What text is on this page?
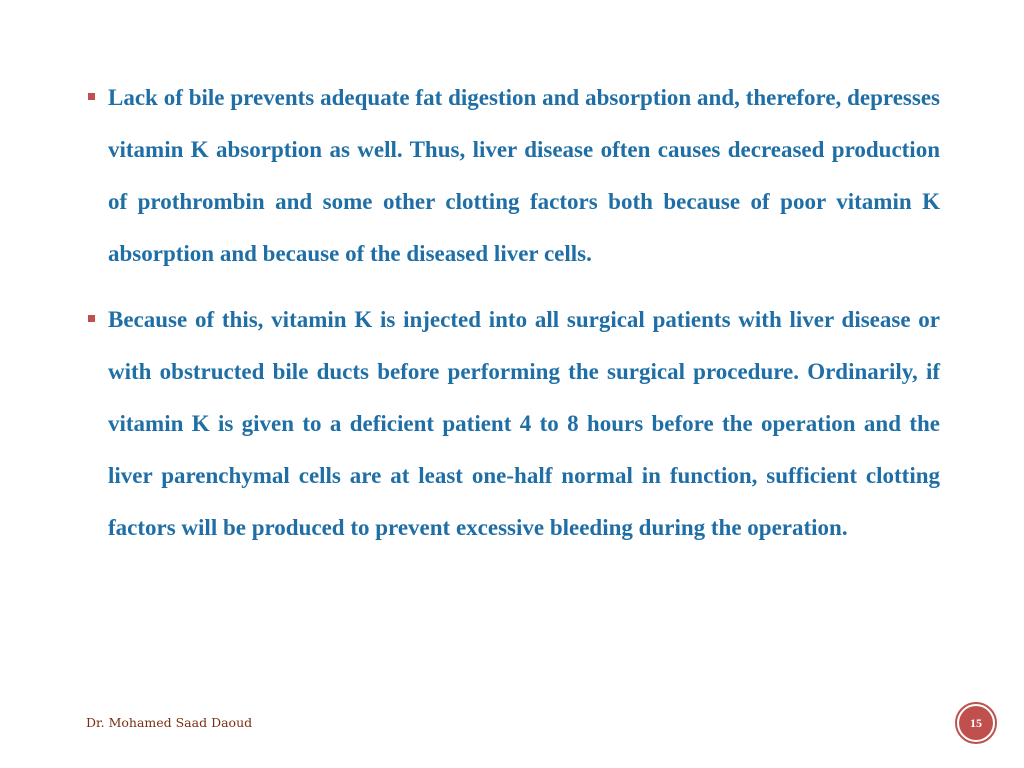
Lack of bile prevents adequate fat digestion and absorption and, therefore, depresses vitamin K absorption as well. Thus, liver disease often causes decreased production of prothrombin and some other clotting factors both because of poor vitamin K absorption and because of the diseased liver cells.
Because of this, vitamin K is injected into all surgical patients with liver disease or with obstructed bile ducts before performing the surgical procedure. Ordinarily, if vitamin K is given to a deficient patient 4 to 8 hours before the operation and the liver parenchymal cells are at least one-half normal in function, sufficient clotting factors will be produced to prevent excessive bleeding during the operation.
Dr. Mohamed Saad Daoud	15
